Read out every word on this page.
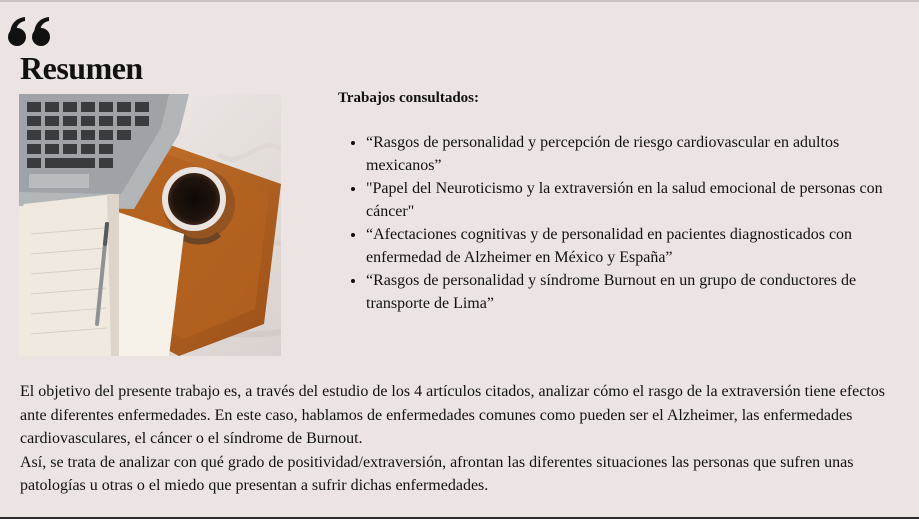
Resumen
Trabajos consultados:
• “Rasgos de personalidad y percepción de riesgo cardiovascular en adultos mexicanos”
• "Papel del Neuroticismo y la extraversión en la salud emocional de personas con cáncer"
• “Afectaciones cognitivas y de personalidad en pacientes diagnosticados con enfermedad de Alzheimer en México y España”
• “Rasgos de personalidad y síndrome Burnout en un grupo de conductores de transporte de Lima”

El objetivo del presente trabajo es, a través del estudio de los 4 artículos citados, analizar cómo el rasgo de la extraversión tiene efectos ante diferentes enfermedades. En este caso, hablamos de enfermedades comunes como pueden ser el Alzheimer, las enfermedades cardiovasculares, el cáncer o el síndrome de Burnout.

Así, se trata de analizar con qué grado de positividad/extraversión, afrontan las diferentes situaciones las personas que sufren unas patologías u otras o el miedo que presentan a sufrir dichas enfermedades.
